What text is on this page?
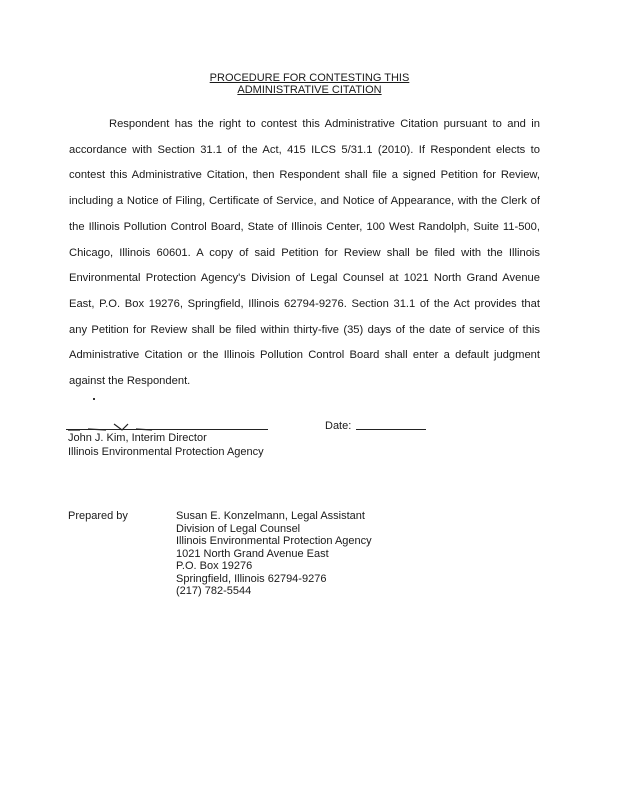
PROCEDURE FOR CONTESTING THIS
ADMINISTRATIVE CITATION

Respondent has the right to contest this Administrative Citation pursuant to and in accordance with Section 31.1 of the Act, 415 ILCS 5/31.1 (2010). If Respondent elects to contest this Administrative Citation, then Respondent shall file a signed Petition for Review, including a Notice of Filing, Certificate of Service, and Notice of Appearance, with the Clerk of the Illinois Pollution Control Board, State of Illinois Center, 100 West Randolph, Suite 11-500, Chicago, Illinois 60601. A copy of said Petition for Review shall be filed with the Illinois Environmental Protection Agency's Division of Legal Counsel at 1021 North Grand Avenue East, P.O. Box 19276, Springfield, Illinois 62794-9276. Section 31.1 of the Act provides that any Petition for Review shall be filed within thirty-five (35) days of the date of service of this Administrative Citation or the Illinois Pollution Control Board shall enter a default judgment against the Respondent.

Date:
John J. Kim, Interim Director
Illinois Environmental Protection Agency
Prepared by	Susan E. Konzelmann, Legal Assistant
Division of Legal Counsel
Illinois Environmental Protection Agency
1021 North Grand Avenue East
P.O. Box 19276
Springfield, Illinois 62794-9276
(217) 782-5544
